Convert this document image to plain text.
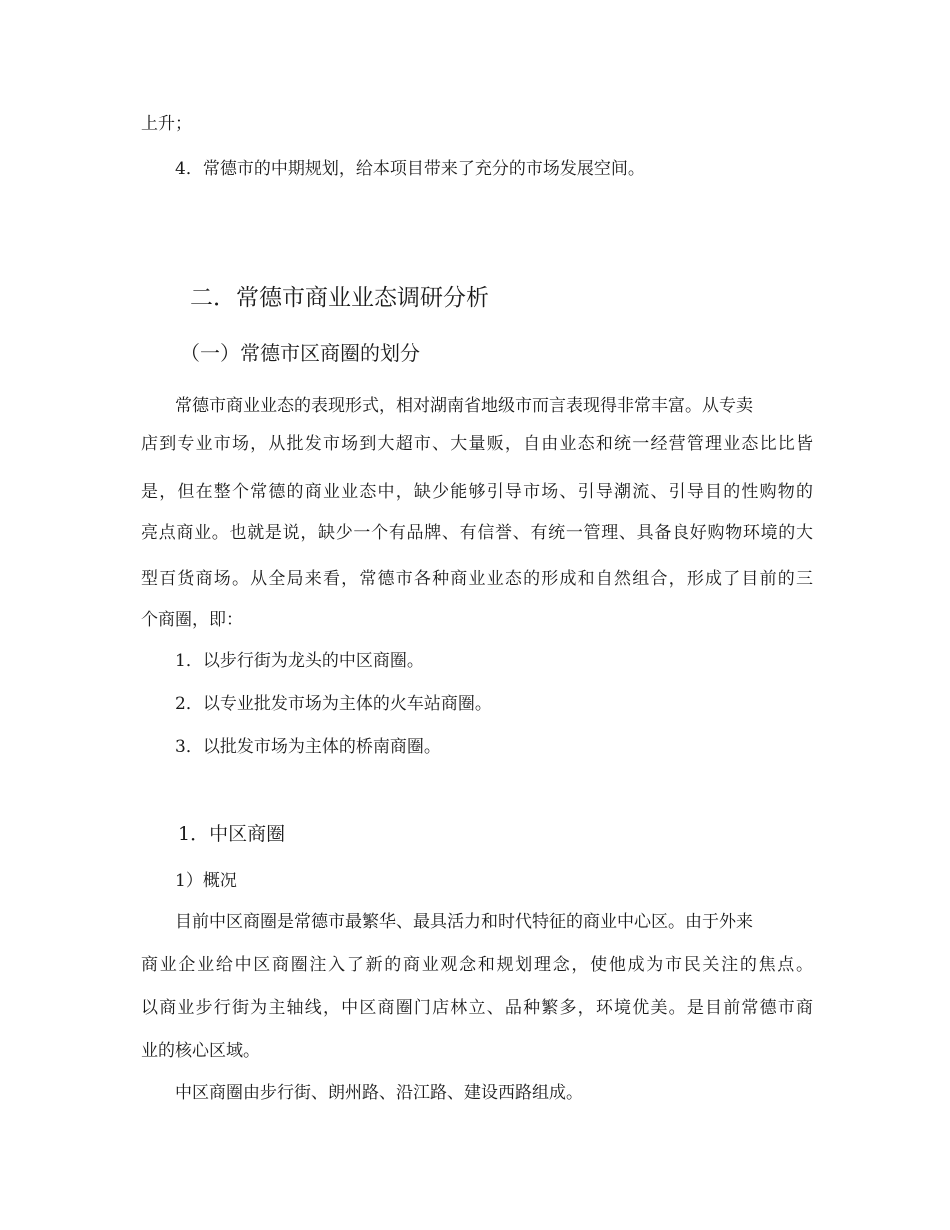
上升；

4．常德市的中期规划，给本项目带来了充分的市场发展空间。

二．常德市商业业态调研分析

（一）常德市区商圈的划分

常德市商业业态的表现形式，相对湖南省地级市而言表现得非常丰富。从专卖

店到专业市场，从批发市场到大超市、大量贩，自由业态和统一经营管理业态比比皆

是，但在整个常德的商业业态中，缺少能够引导市场、引导潮流、引导目的性购物的

亮点商业。也就是说，缺少一个有品牌、有信誉、有统一管理、具备良好购物环境的大

型百货商场。从全局来看，常德市各种商业业态的形成和自然组合，形成了目前的三

个商圈，即：

1．以步行街为龙头的中区商圈。

2．以专业批发市场为主体的火车站商圈。

3．以批发市场为主体的桥南商圈。

1．中区商圈

1）概况

目前中区商圈是常德市最繁华、最具活力和时代特征的商业中心区。由于外来

商业企业给中区商圈注入了新的商业观念和规划理念，使他成为市民关注的焦点。

以商业步行街为主轴线，中区商圈门店林立、品种繁多，环境优美。是目前常德市商

业的核心区域。

中区商圈由步行街、朗州路、沿江路、建设西路组成。
